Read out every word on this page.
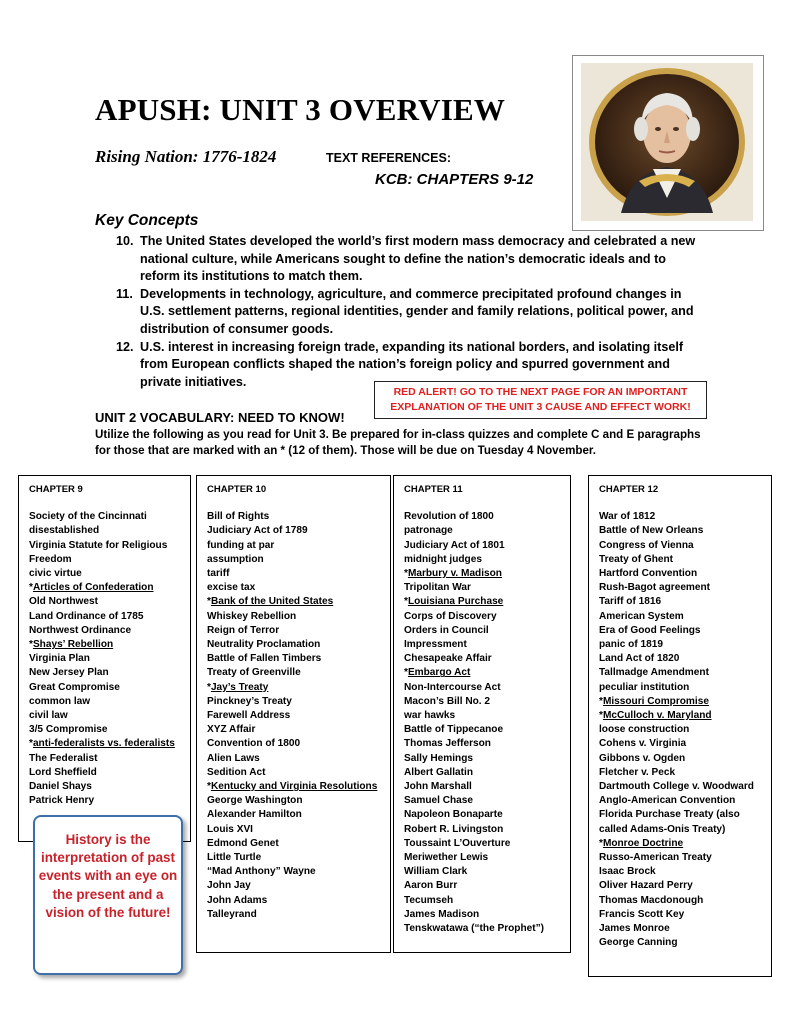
APUSH: UNIT 3 OVERVIEW
Rising Nation: 1776-1824	TEXT REFERENCES:
KCB: CHAPTERS 9-12
Key Concepts
10. The United States developed the world’s first modern mass democracy and celebrated a new national culture, while Americans sought to define the nation’s democratic ideals and to reform its institutions to match them.
11. Developments in technology, agriculture, and commerce precipitated profound changes in U.S. settlement patterns, regional identities, gender and family relations, political power, and distribution of consumer goods.
12. U.S. interest in increasing foreign trade, expanding its national borders, and isolating itself from European conflicts shaped the nation’s foreign policy and spurred government and private initiatives.
RED ALERT! GO TO THE NEXT PAGE FOR AN IMPORTANT
EXPLANATION OF THE UNIT 3 CAUSE AND EFFECT WORK!
UNIT 2 VOCABULARY: NEED TO KNOW!
Utilize the following as you read for Unit 3. Be prepared for in-class quizzes and complete C and E paragraphs for those that are marked with an * (12 of them). Those will be due on Tuesday 4 November.
CHAPTER 9
Society of the Cincinnati
disestablished
Virginia Statute for Religious
Freedom
civic virtue
*Articles of Confederation
Old Northwest
Land Ordinance of 1785
Northwest Ordinance
*Shays’ Rebellion
Virginia Plan
New Jersey Plan
Great Compromise
common law
civil law
3/5 Compromise
*anti-federalists vs. federalists
The Federalist
Lord Sheffield
Daniel Shays
Patrick Henry
CHAPTER 10
Bill of Rights
Judiciary Act of 1789
funding at par
assumption
tariff
excise tax
*Bank of the United States
Whiskey Rebellion
Reign of Terror
Neutrality Proclamation
Battle of Fallen Timbers
Treaty of Greenville
*Jay’s Treaty
Pinckney’s Treaty
Farewell Address
XYZ Affair
Convention of 1800
Alien Laws
Sedition Act
*Kentucky and Virginia Resolutions
George Washington
Alexander Hamilton
Louis XVI
Edmond Genet
Little Turtle
“Mad Anthony” Wayne
John Jay
John Adams
Talleyrand
CHAPTER 11
Revolution of 1800
patronage
Judiciary Act of 1801
midnight judges
*Marbury v. Madison
Tripolitan War
*Louisiana Purchase
Corps of Discovery
Orders in Council
Impressment
Chesapeake Affair
*Embargo Act
Non-Intercourse Act
Macon’s Bill No. 2
war hawks
Battle of Tippecanoe
Thomas Jefferson
Sally Hemings
Albert Gallatin
John Marshall
Samuel Chase
Napoleon Bonaparte
Robert R. Livingston
Toussaint L’Ouverture
Meriwether Lewis
William Clark
Aaron Burr
Tecumseh
James Madison
Tenskwatawa (“the Prophet”)
CHAPTER 12
War of 1812
Battle of New Orleans
Congress of Vienna
Treaty of Ghent
Hartford Convention
Rush-Bagot agreement
Tariff of 1816
American System
Era of Good Feelings
panic of 1819
Land Act of 1820
Tallmadge Amendment
peculiar institution
*Missouri Compromise
*McCulloch v. Maryland
loose construction
Cohens v. Virginia
Gibbons v. Ogden
Fletcher v. Peck
Dartmouth College v. Woodward
Anglo-American Convention
Florida Purchase Treaty (also called Adams-Onis Treaty)
*Monroe Doctrine
Russo-American Treaty
Isaac Brock
Oliver Hazard Perry
Thomas Macdonough
Francis Scott Key
James Monroe
George Canning
History is the interpretation of past events with an eye on the present and a vision of the future!
